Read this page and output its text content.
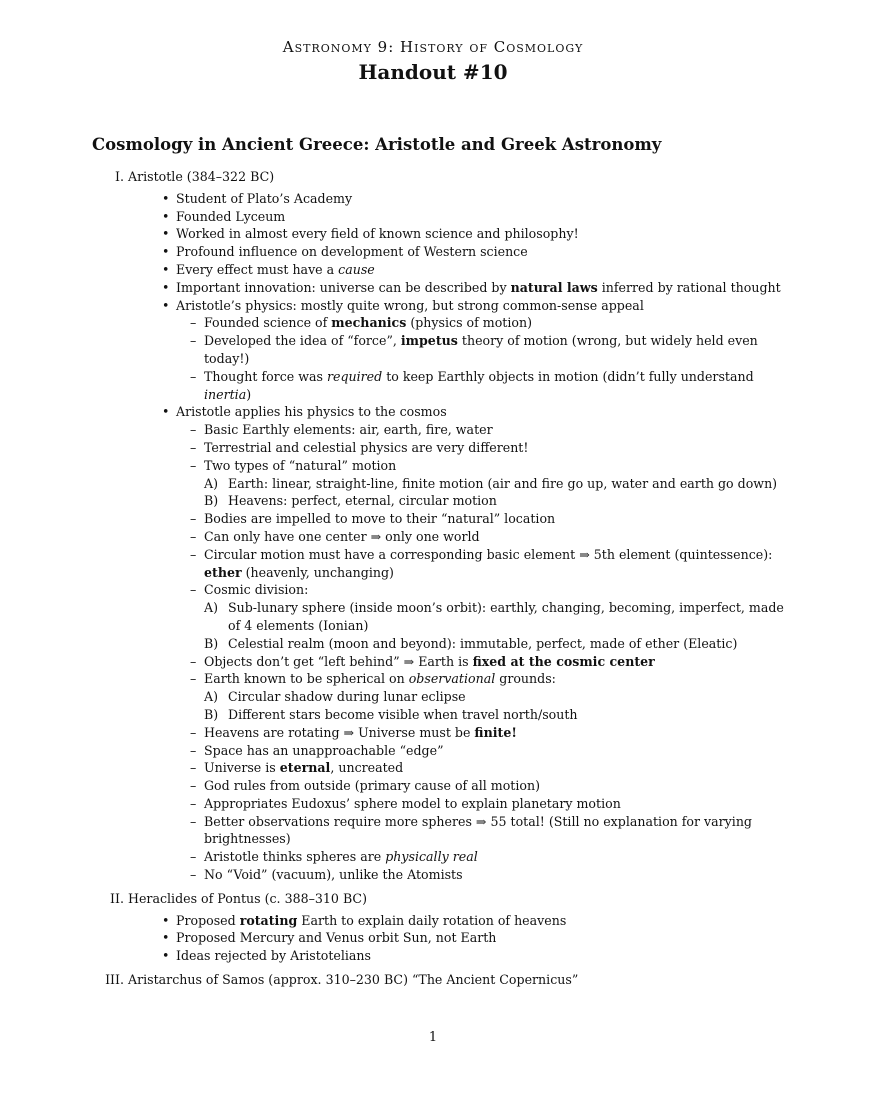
Astronomy 9: History of Cosmology
Handout #10
Cosmology in Ancient Greece: Aristotle and Greek Astronomy
I. Aristotle (384–322 BC)
• Student of Plato’s Academy
• Founded Lyceum
• Worked in almost every field of known science and philosophy!
• Profound influence on development of Western science
• Every effect must have a cause
• Important innovation: universe can be described by natural laws inferred by rational thought
• Aristotle’s physics: mostly quite wrong, but strong common-sense appeal
– Founded science of mechanics (physics of motion)
– Developed the idea of “force”, impetus theory of motion (wrong, but widely held even today!)
– Thought force was required to keep Earthly objects in motion (didn’t fully understand inertia)
• Aristotle applies his physics to the cosmos
– Basic Earthly elements: air, earth, fire, water
– Terrestrial and celestial physics are very different!
– Two types of “natural” motion
A) Earth: linear, straight-line, finite motion (air and fire go up, water and earth go down)
B) Heavens: perfect, eternal, circular motion
– Bodies are impelled to move to their “natural” location
– Can only have one center ⇒ only one world
– Circular motion must have a corresponding basic element ⇒ 5th element (quintessence): ether (heavenly, unchanging)
– Cosmic division:
A) Sub-lunary sphere (inside moon’s orbit): earthly, changing, becoming, imperfect, made of 4 elements (Ionian)
B) Celestial realm (moon and beyond): immutable, perfect, made of ether (Eleatic)
– Objects don’t get “left behind” ⇒ Earth is fixed at the cosmic center
– Earth known to be spherical on observational grounds:
A) Circular shadow during lunar eclipse
B) Different stars become visible when travel north/south
– Heavens are rotating ⇒ Universe must be finite!
– Space has an unapproachable “edge”
– Universe is eternal, uncreated
– God rules from outside (primary cause of all motion)
– Appropriates Eudoxus’ sphere model to explain planetary motion
– Better observations require more spheres ⇒ 55 total! (Still no explanation for varying brightnesses)
– Aristotle thinks spheres are physically real
– No “Void” (vacuum), unlike the Atomists
II. Heraclides of Pontus (c. 388–310 BC)
• Proposed rotating Earth to explain daily rotation of heavens
• Proposed Mercury and Venus orbit Sun, not Earth
• Ideas rejected by Aristotelians
III. Aristarchus of Samos (approx. 310–230 BC) “The Ancient Copernicus”
1
